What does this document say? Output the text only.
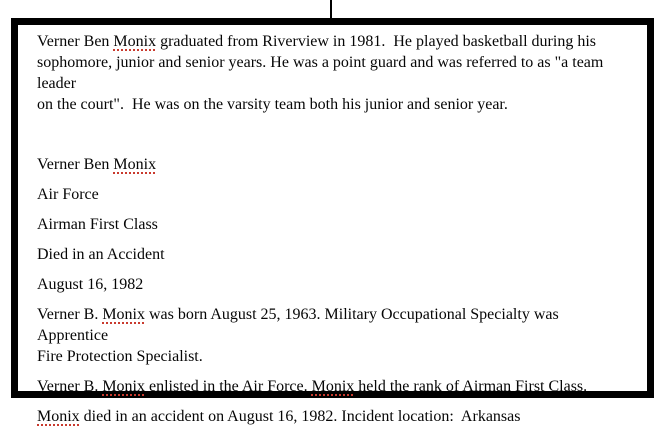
Verner Ben Monix graduated from Riverview in 1981.  He played basketball during his
sophomore, junior and senior years. He was a point guard and was referred to as "a team leader
on the court".  He was on the varsity team both his junior and senior year.

Verner Ben Monix
Air Force
Airman First Class
Died in an Accident
August 16, 1982
Verner B. Monix was born August 25, 1963. Military Occupational Specialty was Apprentice
Fire Protection Specialist.
Verner B. Monix enlisted in the Air Force. Monix held the rank of Airman First Class.
Monix died in an accident on August 16, 1982. Incident location:  Arkansas
